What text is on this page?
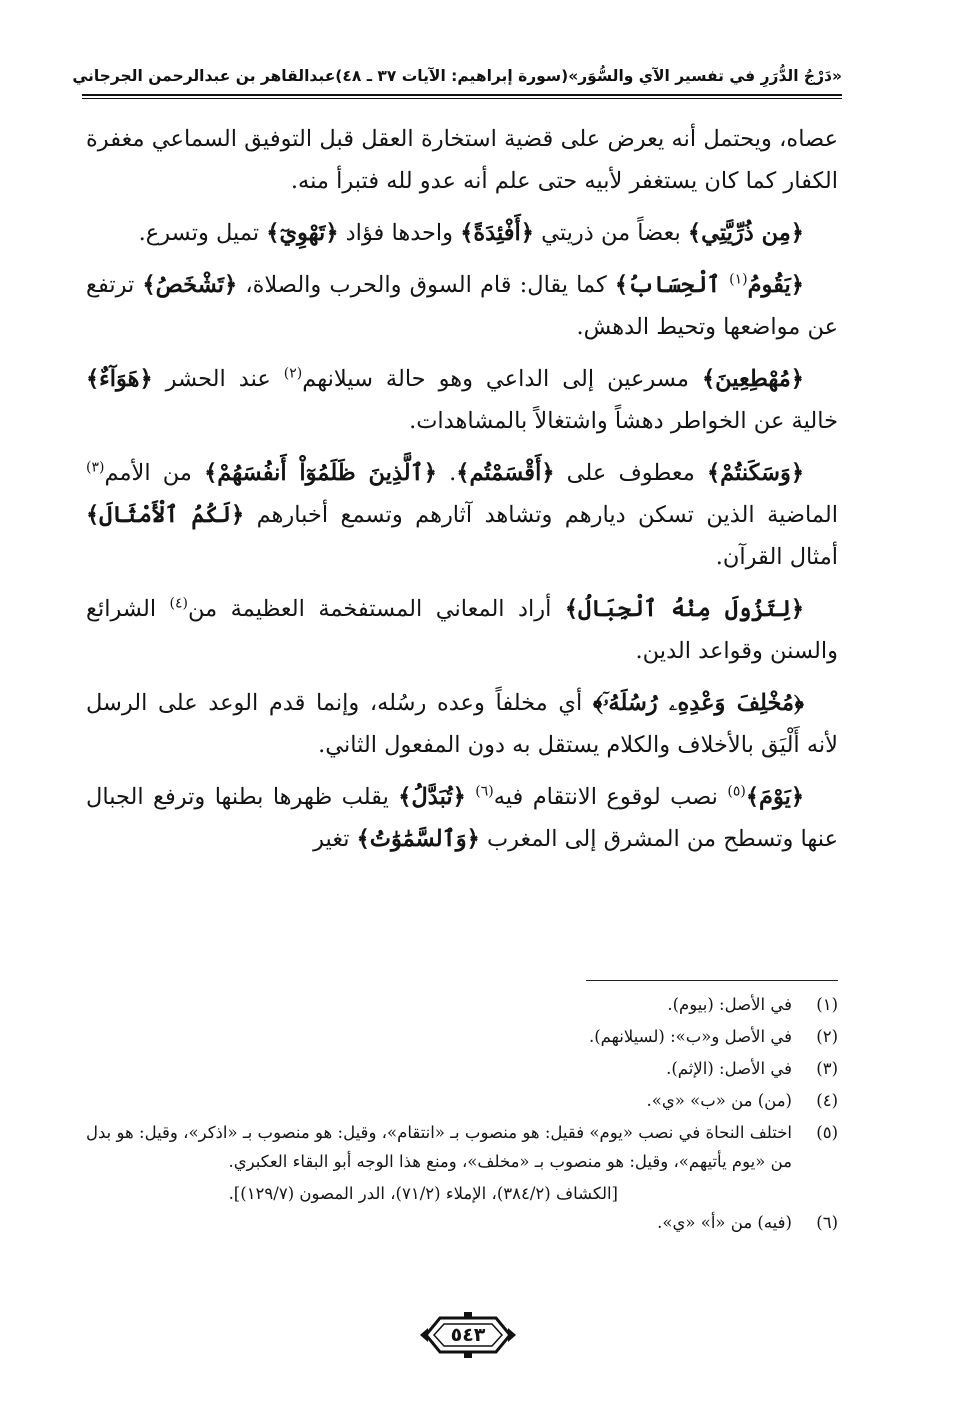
«دَرْجُ الدُّرَرِ في تفسير الآي والسُّوَر»
(سورة إبراهيم: الآيات ٣٧ ـ ٤٨)
عبدالقاهر بن عبدالرحمن الجرجاني

عصاه، ويحتمل أنه يعرض على قضية استخارة العقل قبل التوفيق السماعي مغفرة الكفار كما كان يستغفر لأبيه حتى علم أنه عدو لله فتبرأ منه.

﴿مِن ذُرِّيَّتِي﴾ بعضاً من ذريتي ﴿أَفْئِدَةً﴾ واحدها فؤاد ﴿تَهْوِيٓ﴾ تميل وتسرع.

﴿يَقُومُ$^{(١)}$ ٱلْحِسَابُ﴾ كما يقال: قام السوق والحرب والصلاة، ﴿تَشْخَصُ﴾ ترتفع عن مواضعها وتحيط الدهش.

﴿مُهْطِعِينَ﴾ مسرعين إلى الداعي وهو حالة سيلانهم$^{(٢)}$ عند الحشر ﴿هَوَآءٌ﴾ خالية عن الخواطر دهشاً واشتغالاً بالمشاهدات.

﴿وَسَكَنتُمْ﴾ معطوف على ﴿أَقْسَمْتُم﴾. ﴿ٱلَّذِينَ ظَلَمُوٓاْ أَنفُسَهُمْ﴾ من الأمم$^{(٣)}$ الماضية الذين تسكن ديارهم وتشاهد آثارهم وتسمع أخبارهم ﴿لَكُمُ ٱلْأَمْثَالَ﴾ أمثال القرآن.

﴿لِتَزُولَ مِنْهُ ٱلْجِبَالُ﴾ أراد المعاني المستفخمة العظيمة من$^{(٤)}$ الشرائع والسنن وقواعد الدين.

﴿مُخْلِفَ وَعْدِهِۦ رُسُلَهُۥٓ﴾ أي مخلفاً وعده رسُله، وإنما قدم الوعد على الرسل لأنه أَلْيَق بالأخلاف والكلام يستقل به دون المفعول الثاني.

﴿يَوْمَ﴾$^{(٥)}$ نصب لوقوع الانتقام فيه$^{(٦)}$ ﴿تُبَدَّلُ﴾ يقلب ظهرها بطنها وترفع الجبال عنها وتسطح من المشرق إلى المغرب ﴿وَٱلسَّمَٰوَٰتُ﴾ تغير

(١)
في الأصل: (بيوم).
(٢)
في الأصل و«ب»: (لسيلانهم).
(٣)
في الأصل: (الإثم).
(٤)
(من) من «ب» «ي».
(٥)
اختلف النحاة في نصب «يوم» فقيل: هو منصوب بـ «انتقام»، وقيل: هو منصوب بـ «اذكر»، وقيل: هو بدل من «يوم يأتيهم»، وقيل: هو منصوب بـ «مخلف»، ومنع هذا الوجه أبو البقاء العكبري.
[الكشاف (٣٨٤/٢)، الإملاء (٧١/٢)، الدر المصون (١٢٩/٧)].
(٦)
(فيه) من «أ» «ي».
٥٤٣
